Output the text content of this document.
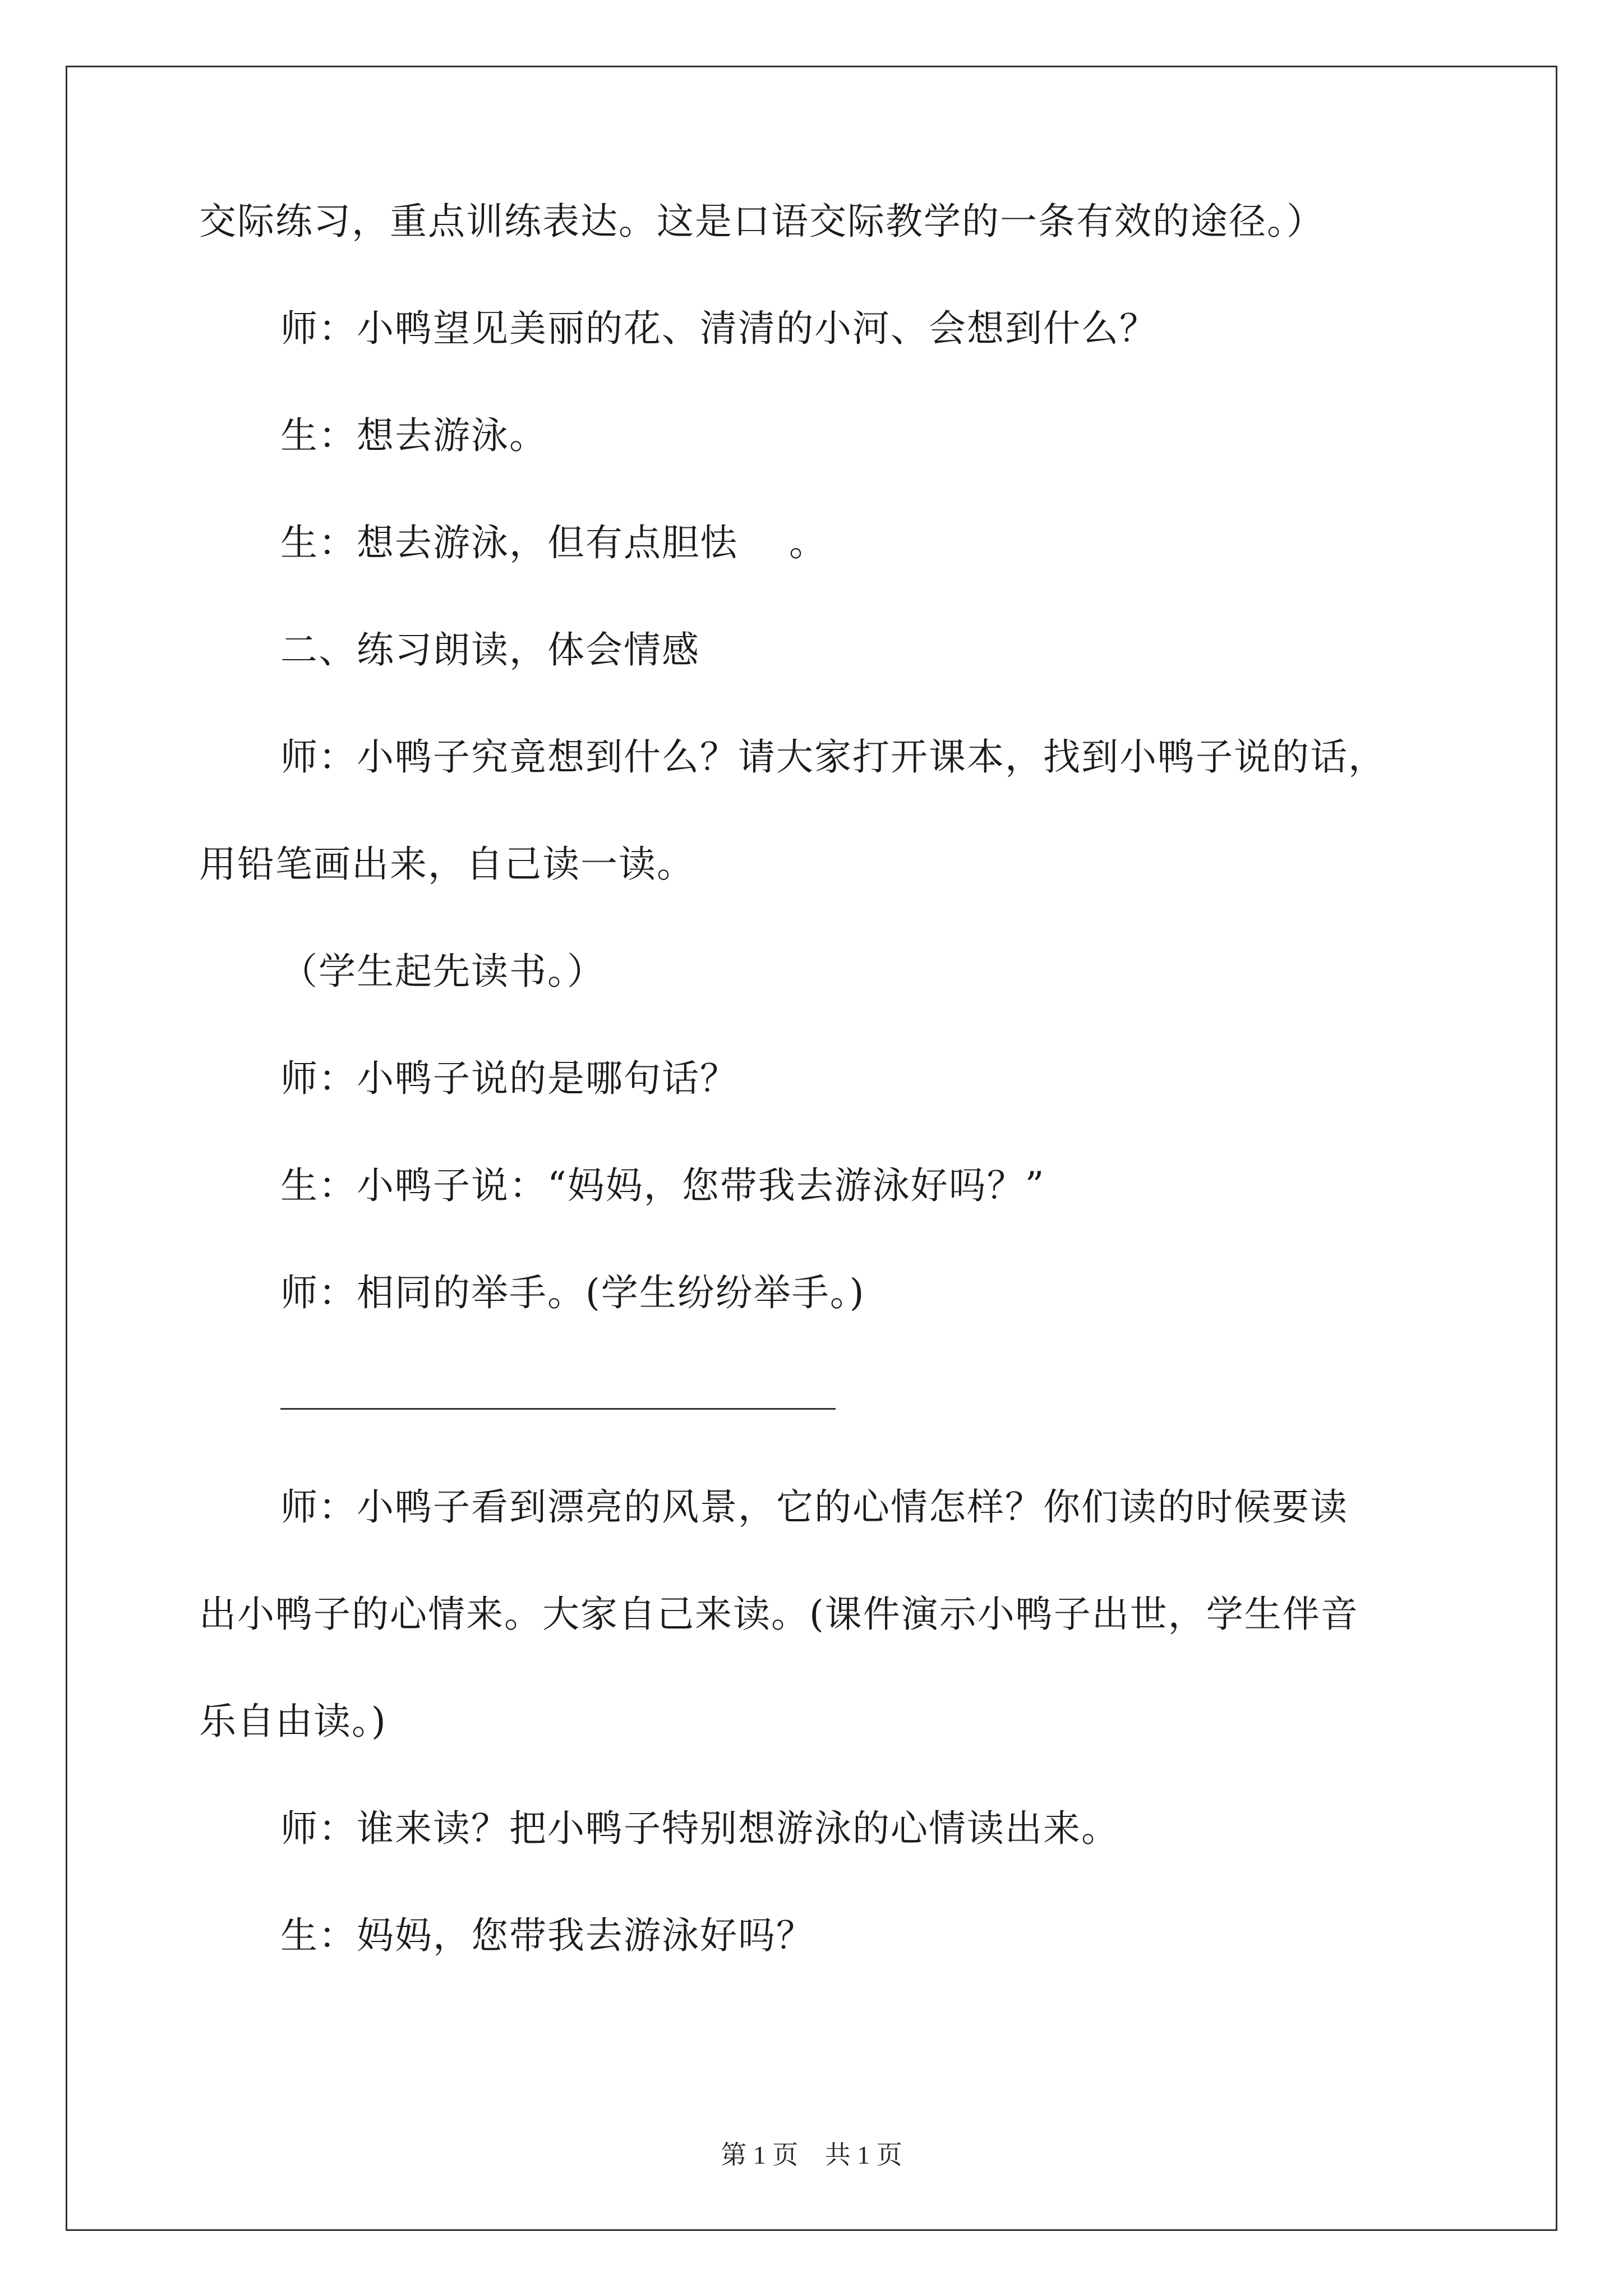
交际练习，重点训练表达。这是口语交际教学的一条有效的途径。）
师：小鸭望见美丽的花、清清的小河、会想到什么？
生：想去游泳。
生：想去游泳，但有点胆怯　 。
二、练习朗读，体会情感
师：小鸭子究竟想到什么？请大家打开课本，找到小鸭子说的话，
用铅笔画出来，自己读一读。
（学生起先读书。）
师：小鸭子说的是哪句话？
生：小鸭子说：“妈妈，您带我去游泳好吗？”
师：相同的举手。(学生纷纷举手。)
师：小鸭子看到漂亮的风景，它的心情怎样？你们读的时候要读
出小鸭子的心情来。大家自己来读。(课件演示小鸭子出世，学生伴音
乐自由读。)
师：谁来读？把小鸭子特别想游泳的心情读出来。
生：妈妈，您带我去游泳好吗？
第 1 页 共 1 页
